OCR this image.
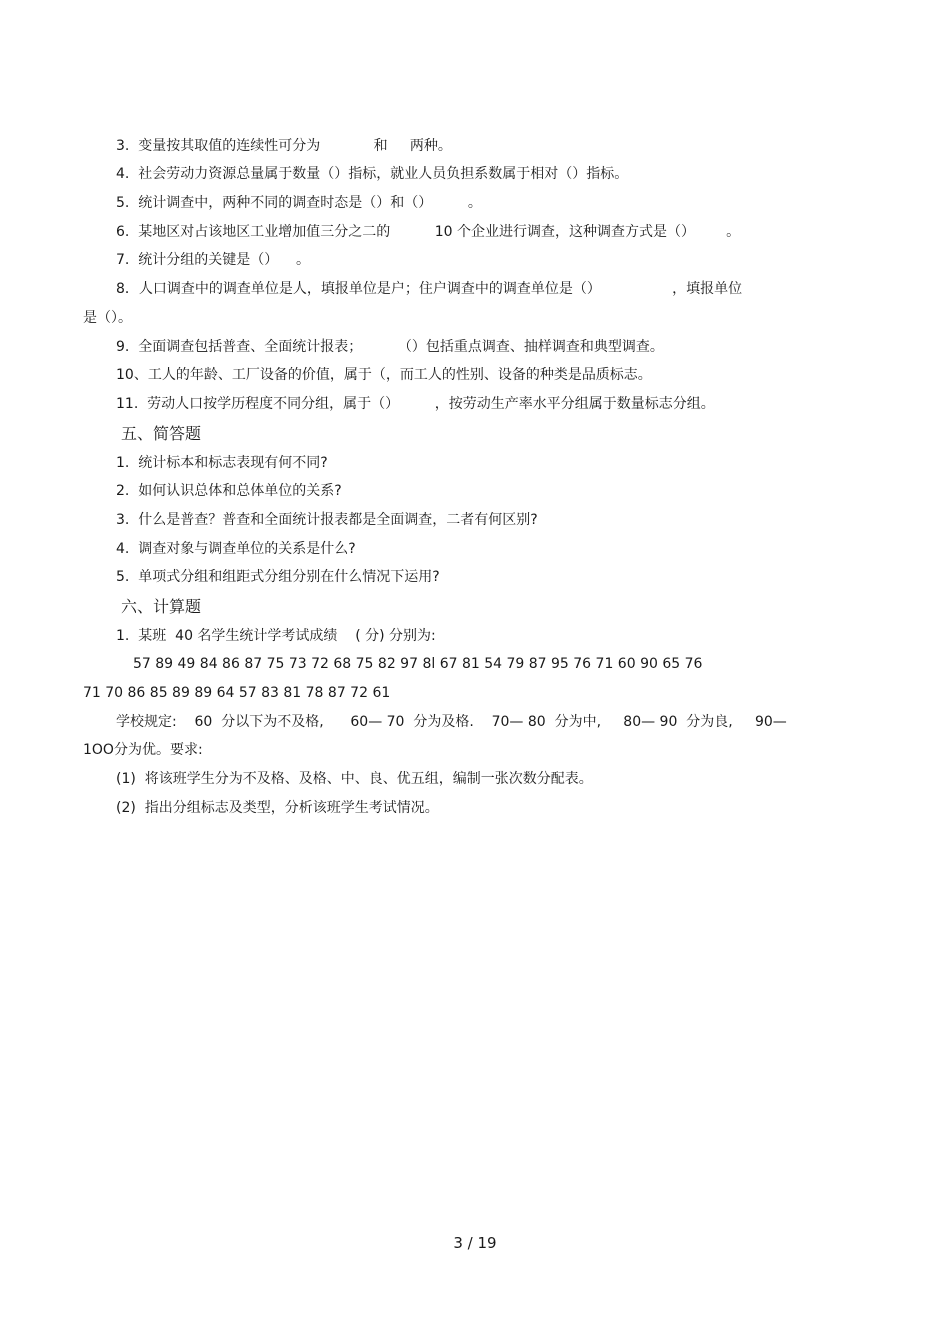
3.  变量按其取值的连续性可分为            和     两种。
4.  社会劳动力资源总量属于数量（）指标，就业人员负担系数属于相对（）指标。
5.  统计调查中，两种不同的调查时态是（）和（）        。
6.  某地区对占该地区工业增加值三分之二的          10 个企业进行调查，这种调查方式是（）       。
7.  统计分组的关键是（）    。
8．人口调查中的调查单位是人，填报单位是户；住户调查中的调查单位是（）                ，填报单位
是（）。
9.  全面调查包括普查、全面统计报表；        （）包括重点调查、抽样调查和典型调查。
10、工人的年龄、工厂设备的价值，属于（，而工人的性别、设备的种类是品质标志。
11.  劳动人口按学历程度不同分组，属于（）        ，按劳动生产率水平分组属于数量标志分组。
五、简答题
1.  统计标本和标志表现有何不同?
2.  如何认识总体和总体单位的关系?
3.  什么是普查？普查和全面统计报表都是全面调查，二者有何区别?
4.  调查对象与调查单位的关系是什么?
5.  单项式分组和组距式分组分别在什么情况下运用?
六、计算题
1.  某班  40 名学生统计学考试成绩    ( 分) 分别为:
57 89 49 84 86 87 75 73 72 68 75 82 97 8l 67 81 54 79 87 95 76 71 60 90 65 76
71 70 86 85 89 89 64 57 83 81 78 87 72 61
学校规定:    60  分以下为不及格,      60— 70  分为及格.    70— 80  分为中,     80— 90  分为良,     90—
1OO分为优。要求:
(1)  将该班学生分为不及格、及格、中、良、优五组，编制一张次数分配表。
(2)  指出分组标志及类型，分析该班学生考试情况。
3 / 19
